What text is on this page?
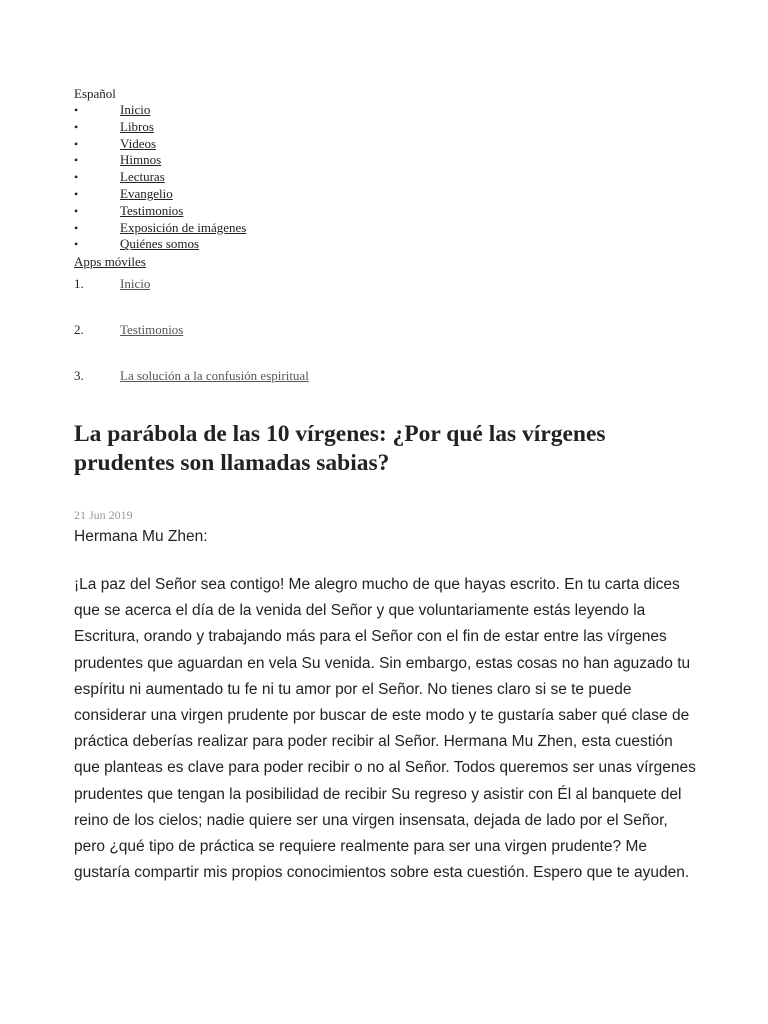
Español
•	Inicio
•	Libros
•	Videos
•	Himnos
•	Lecturas
•	Evangelio
•	Testimonios
•	Exposición de imágenes
•	Quiénes somos
Apps móviles
1.	Inicio
2.	Testimonios
3.	La solución a la confusión espiritual
La parábola de las 10 vírgenes: ¿Por qué las vírgenes prudentes son llamadas sabias?
21 Jun 2019
Hermana Mu Zhen:

¡La paz del Señor sea contigo! Me alegro mucho de que hayas escrito. En tu carta dices que se acerca el día de la venida del Señor y que voluntariamente estás leyendo la Escritura, orando y trabajando más para el Señor con el fin de estar entre las vírgenes prudentes que aguardan en vela Su venida. Sin embargo, estas cosas no han aguzado tu espíritu ni aumentado tu fe ni tu amor por el Señor. No tienes claro si se te puede considerar una virgen prudente por buscar de este modo y te gustaría saber qué clase de práctica deberías realizar para poder recibir al Señor. Hermana Mu Zhen, esta cuestión que planteas es clave para poder recibir o no al Señor. Todos queremos ser unas vírgenes prudentes que tengan la posibilidad de recibir Su regreso y asistir con Él al banquete del reino de los cielos; nadie quiere ser una virgen insensata, dejada de lado por el Señor, pero ¿qué tipo de práctica se requiere realmente para ser una virgen prudente? Me gustaría compartir mis propios conocimientos sobre esta cuestión. Espero que te ayuden.
